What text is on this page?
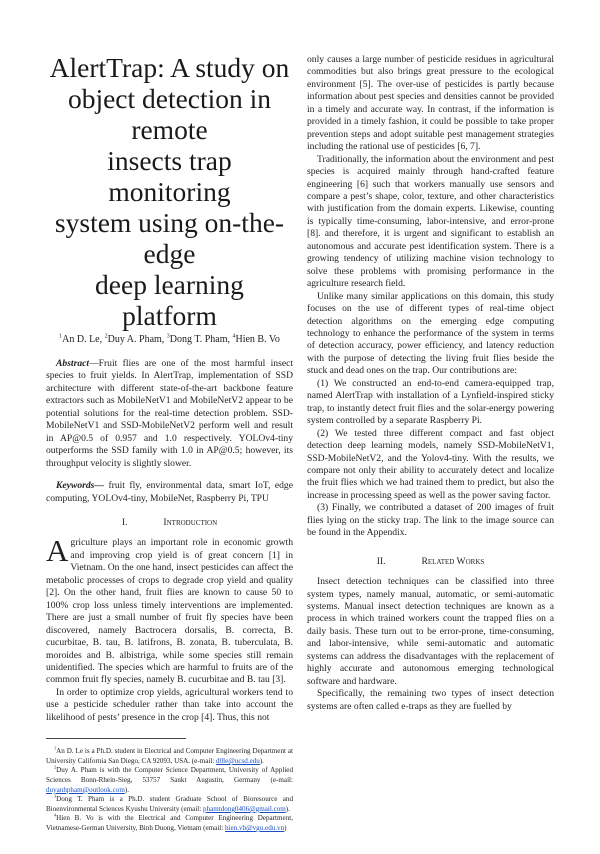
AlertTrap: A study on
object detection in remote
insects trap monitoring
system using on-the-edge
deep learning platform
$^1$An D. Le, $^2$Duy A. Pham, $^3$Dong T. Pham, $^4$Hien B. Vo

Abstract—Fruit flies are one of the most harmful insect species to fruit yields. In AlertTrap, implementation of SSD architecture with different state-of-the-art backbone feature extractors such as MobileNetV1 and MobileNetV2 appear to be potential solutions for the real-time detection problem. SSD-MobileNetV1 and SSD-MobileNetV2 perform well and result in AP@0.5 of 0.957 and 1.0 respectively. YOLOv4-tiny outperforms the SSD family with 1.0 in AP@0.5; however, its throughput velocity is slightly slower.

Keywords— fruit fly, environmental data, smart IoT, edge computing, YOLOv4-tiny, MobileNet, Raspberry Pi, TPU

I.	Introduction

Agriculture plays an important role in economic growth and improving crop yield is of great concern [1] in Vietnam. On the one hand, insect pesticides can affect the metabolic processes of crops to degrade crop yield and quality [2]. On the other hand, fruit flies are known to cause 50 to 100% crop loss unless timely interventions are implemented. There are just a small number of fruit fly species have been discovered, namely Bactrocera dorsalis, B. correcta, B. cucurbitae, B. tau, B. latifrons, B. zonata, B. tuberculata, B. moroides and B. albistriga, while some species still remain unidentified. The species which are harmful to fruits are of the common fruit fly species, namely B. cucurbitae and B. tau [3].

In order to optimize crop yields, agricultural workers tend to use a pesticide scheduler rather than take into account the likelihood of pests’ presence in the crop [4]. Thus, this not

$^1$An D. Le is a Ph.D. student in Electrical and Computer Engineering Department at University California San Diego, CA 92093, USA. (e-mail: d0le@ucsd.edu).

$^2$Duy A. Pham is with the Computer Science Department, University of Applied Sciences Bonn-Rhein-Sieg, 53757 Sankt Augustin, Germany (e-mail: duyanhpham@outlook.com).

$^3$Dong T. Pham is a Ph.D. student Graduate School of Bioresource and Bioenvironmental Sciences Kyushu University (email: phamtdong0406@gmail.com).

$^4$Hien B. Vo is with the Electrical and Computer Engineering Department, Vietnamese-German University, Binh Duong, Vietnam (email: hien.vb@vgu.edu.vn)

only causes a large number of pesticide residues in agricultural commodities but also brings great pressure to the ecological environment [5]. The over-use of pesticides is partly because information about pest species and densities cannot be provided in a timely and accurate way. In contrast, if the information is provided in a timely fashion, it could be possible to take proper prevention steps and adopt suitable pest management strategies including the rational use of pesticides [6, 7].

Traditionally, the information about the environment and pest species is acquired mainly through hand-crafted feature engineering [6] such that workers manually use sensors and compare a pest’s shape, color, texture, and other characteristics with justification from the domain experts. Likewise, counting is typically time-consuming, labor-intensive, and error-prone [8]. and therefore, it is urgent and significant to establish an autonomous and accurate pest identification system. There is a growing tendency of utilizing machine vision technology to solve these problems with promising performance in the agriculture research field.

Unlike many similar applications on this domain, this study focuses on the use of different types of real-time object detection algorithms on the emerging edge computing technology to enhance the performance of the system in terms of detection accuracy, power efficiency, and latency reduction with the purpose of detecting the living fruit flies beside the stuck and dead ones on the trap. Our contributions are:

(1) We constructed an end-to-end camera-equipped trap, named AlertTrap with installation of a Lynfield-inspired sticky trap, to instantly detect fruit flies and the solar-energy powering system controlled by a separate Raspberry Pi.

(2) We tested three different compact and fast object detection deep learning models, namely SSD-MobileNetV1, SSD-MobileNetV2, and the Yolov4-tiny. With the results, we compare not only their ability to accurately detect and localize the fruit flies which we had trained them to predict, but also the increase in processing speed as well as the power saving factor.

(3) Finally, we contributed a dataset of 200 images of fruit flies lying on the sticky trap. The link to the image source can be found in the Appendix.

II.	Related Works

Insect detection techniques can be classified into three system types, namely manual, automatic, or semi-automatic systems. Manual insect detection techniques are known as a process in which trained workers count the trapped flies on a daily basis. These turn out to be error-prone, time-consuming, and labor-intensive, while semi-automatic and automatic systems can address the disadvantages with the replacement of highly accurate and autonomous emerging technological software and hardware.

Specifically, the remaining two types of insect detection systems are often called e-traps as they are fuelled by
